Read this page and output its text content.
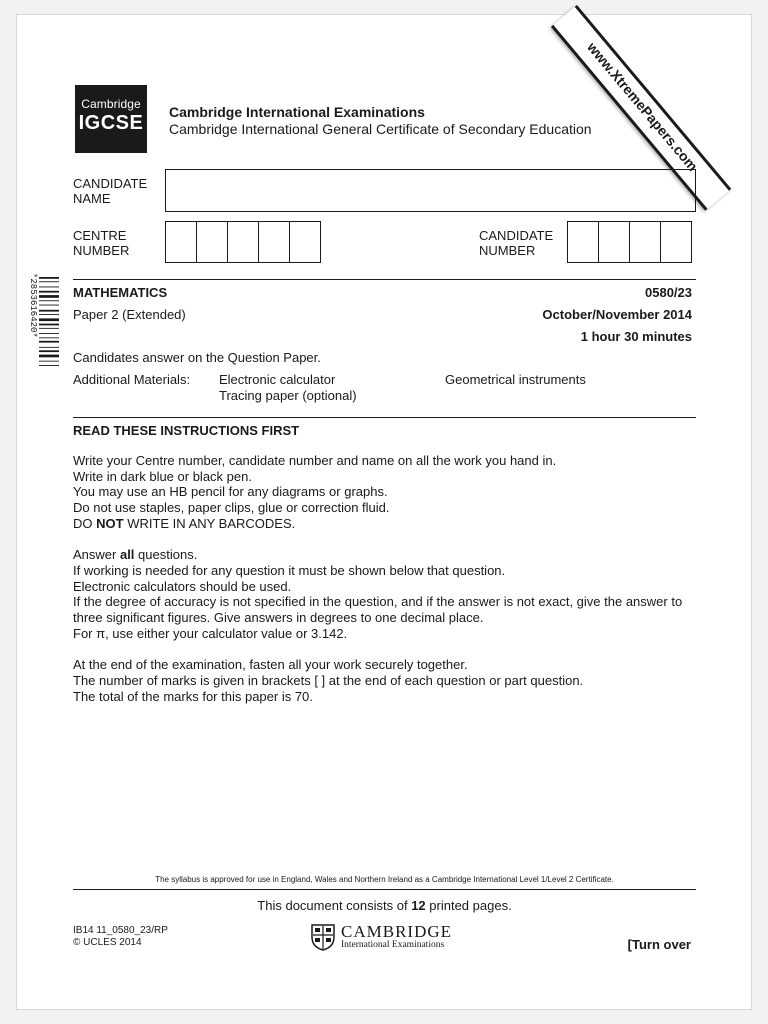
www.XtremePapers.com
Cambridge
IGCSE Cambridge International Examinations
Cambridge International General Certificate of Secondary Education
CANDIDATE
NAME
CENTRE
NUMBER
CANDIDATE
NUMBER
*2853616420*	MATHEMATICS	0580/23
Paper 2 (Extended)	October/November 2014
1 hour 30 minutes
Candidates answer on the Question Paper.
Additional Materials: Electronic calculator
Tracing paper (optional)
Geometrical instruments
READ THESE INSTRUCTIONS FIRST

Write your Centre number, candidate number and name on all the work you hand in.

Write in dark blue or black pen.

You may use an HB pencil for any diagrams or graphs.

Do not use staples, paper clips, glue or correction fluid.

DO NOT WRITE IN ANY BARCODES.

Answer all questions.

If working is needed for any question it must be shown below that question.

Electronic calculators should be used.

If the degree of accuracy is not specified in the question, and if the answer is not exact, give the answer to

three significant figures. Give answers in degrees to one decimal place.

For π, use either your calculator value or 3.142.

At the end of the examination, fasten all your work securely together.

The number of marks is given in brackets [ ] at the end of each question or part question.

The total of the marks for this paper is 70.

The syllabus is approved for use in England, Wales and Northern Ireland as a Cambridge International Level 1/Level 2 Certificate.
This document consists of 12 printed pages.
IB14 11_0580_23/RP
© UCLES 2014
CAMBRIDGE
International Examinations	[Turn over
